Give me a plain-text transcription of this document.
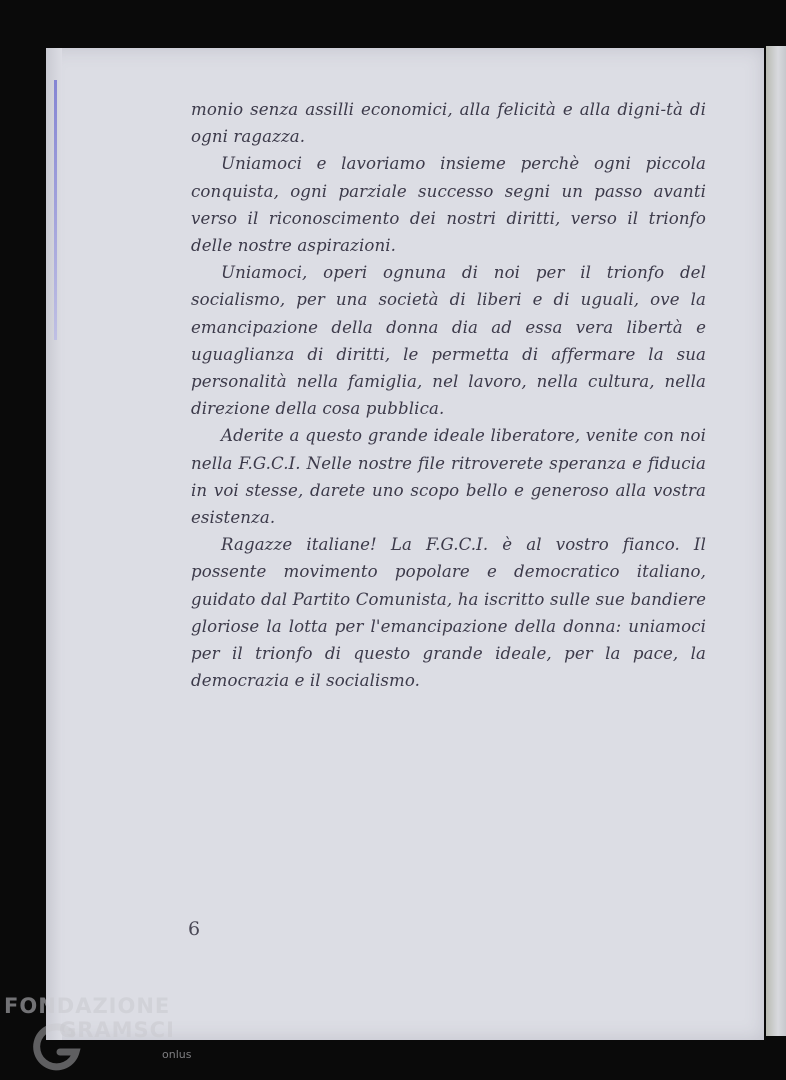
monio senza assilli economici, alla felicità e alla digni-tà di ogni ragazza.

Uniamoci e lavoriamo insieme perchè ogni piccola conquista, ogni parziale successo segni un passo avanti verso il riconoscimento dei nostri diritti, verso il trionfo delle nostre aspirazioni.

Uniamoci, operi ognuna di noi per il trionfo del socialismo, per una società di liberi e di uguali, ove la emancipazione della donna dia ad essa vera libertà e uguaglianza di diritti, le permetta di affermare la sua personalità nella famiglia, nel lavoro, nella cultura, nella direzione della cosa pubblica.

Aderite a questo grande ideale liberatore, venite con noi nella F.G.C.I. Nelle nostre file ritroverete speranza e fiducia in voi stesse, darete uno scopo bello e generoso alla vostra esistenza.

Ragazze italiane! La F.G.C.I. è al vostro fianco. Il possente movimento popolare e democratico italiano, guidato dal Partito Comunista, ha iscritto sulle sue bandiere gloriose la lotta per l'emancipazione della donna: uniamoci per il trionfo di questo grande ideale, per la pace, la democrazia e il socialismo.

6
FONDAZIONE
GRAMSCI
onlus
